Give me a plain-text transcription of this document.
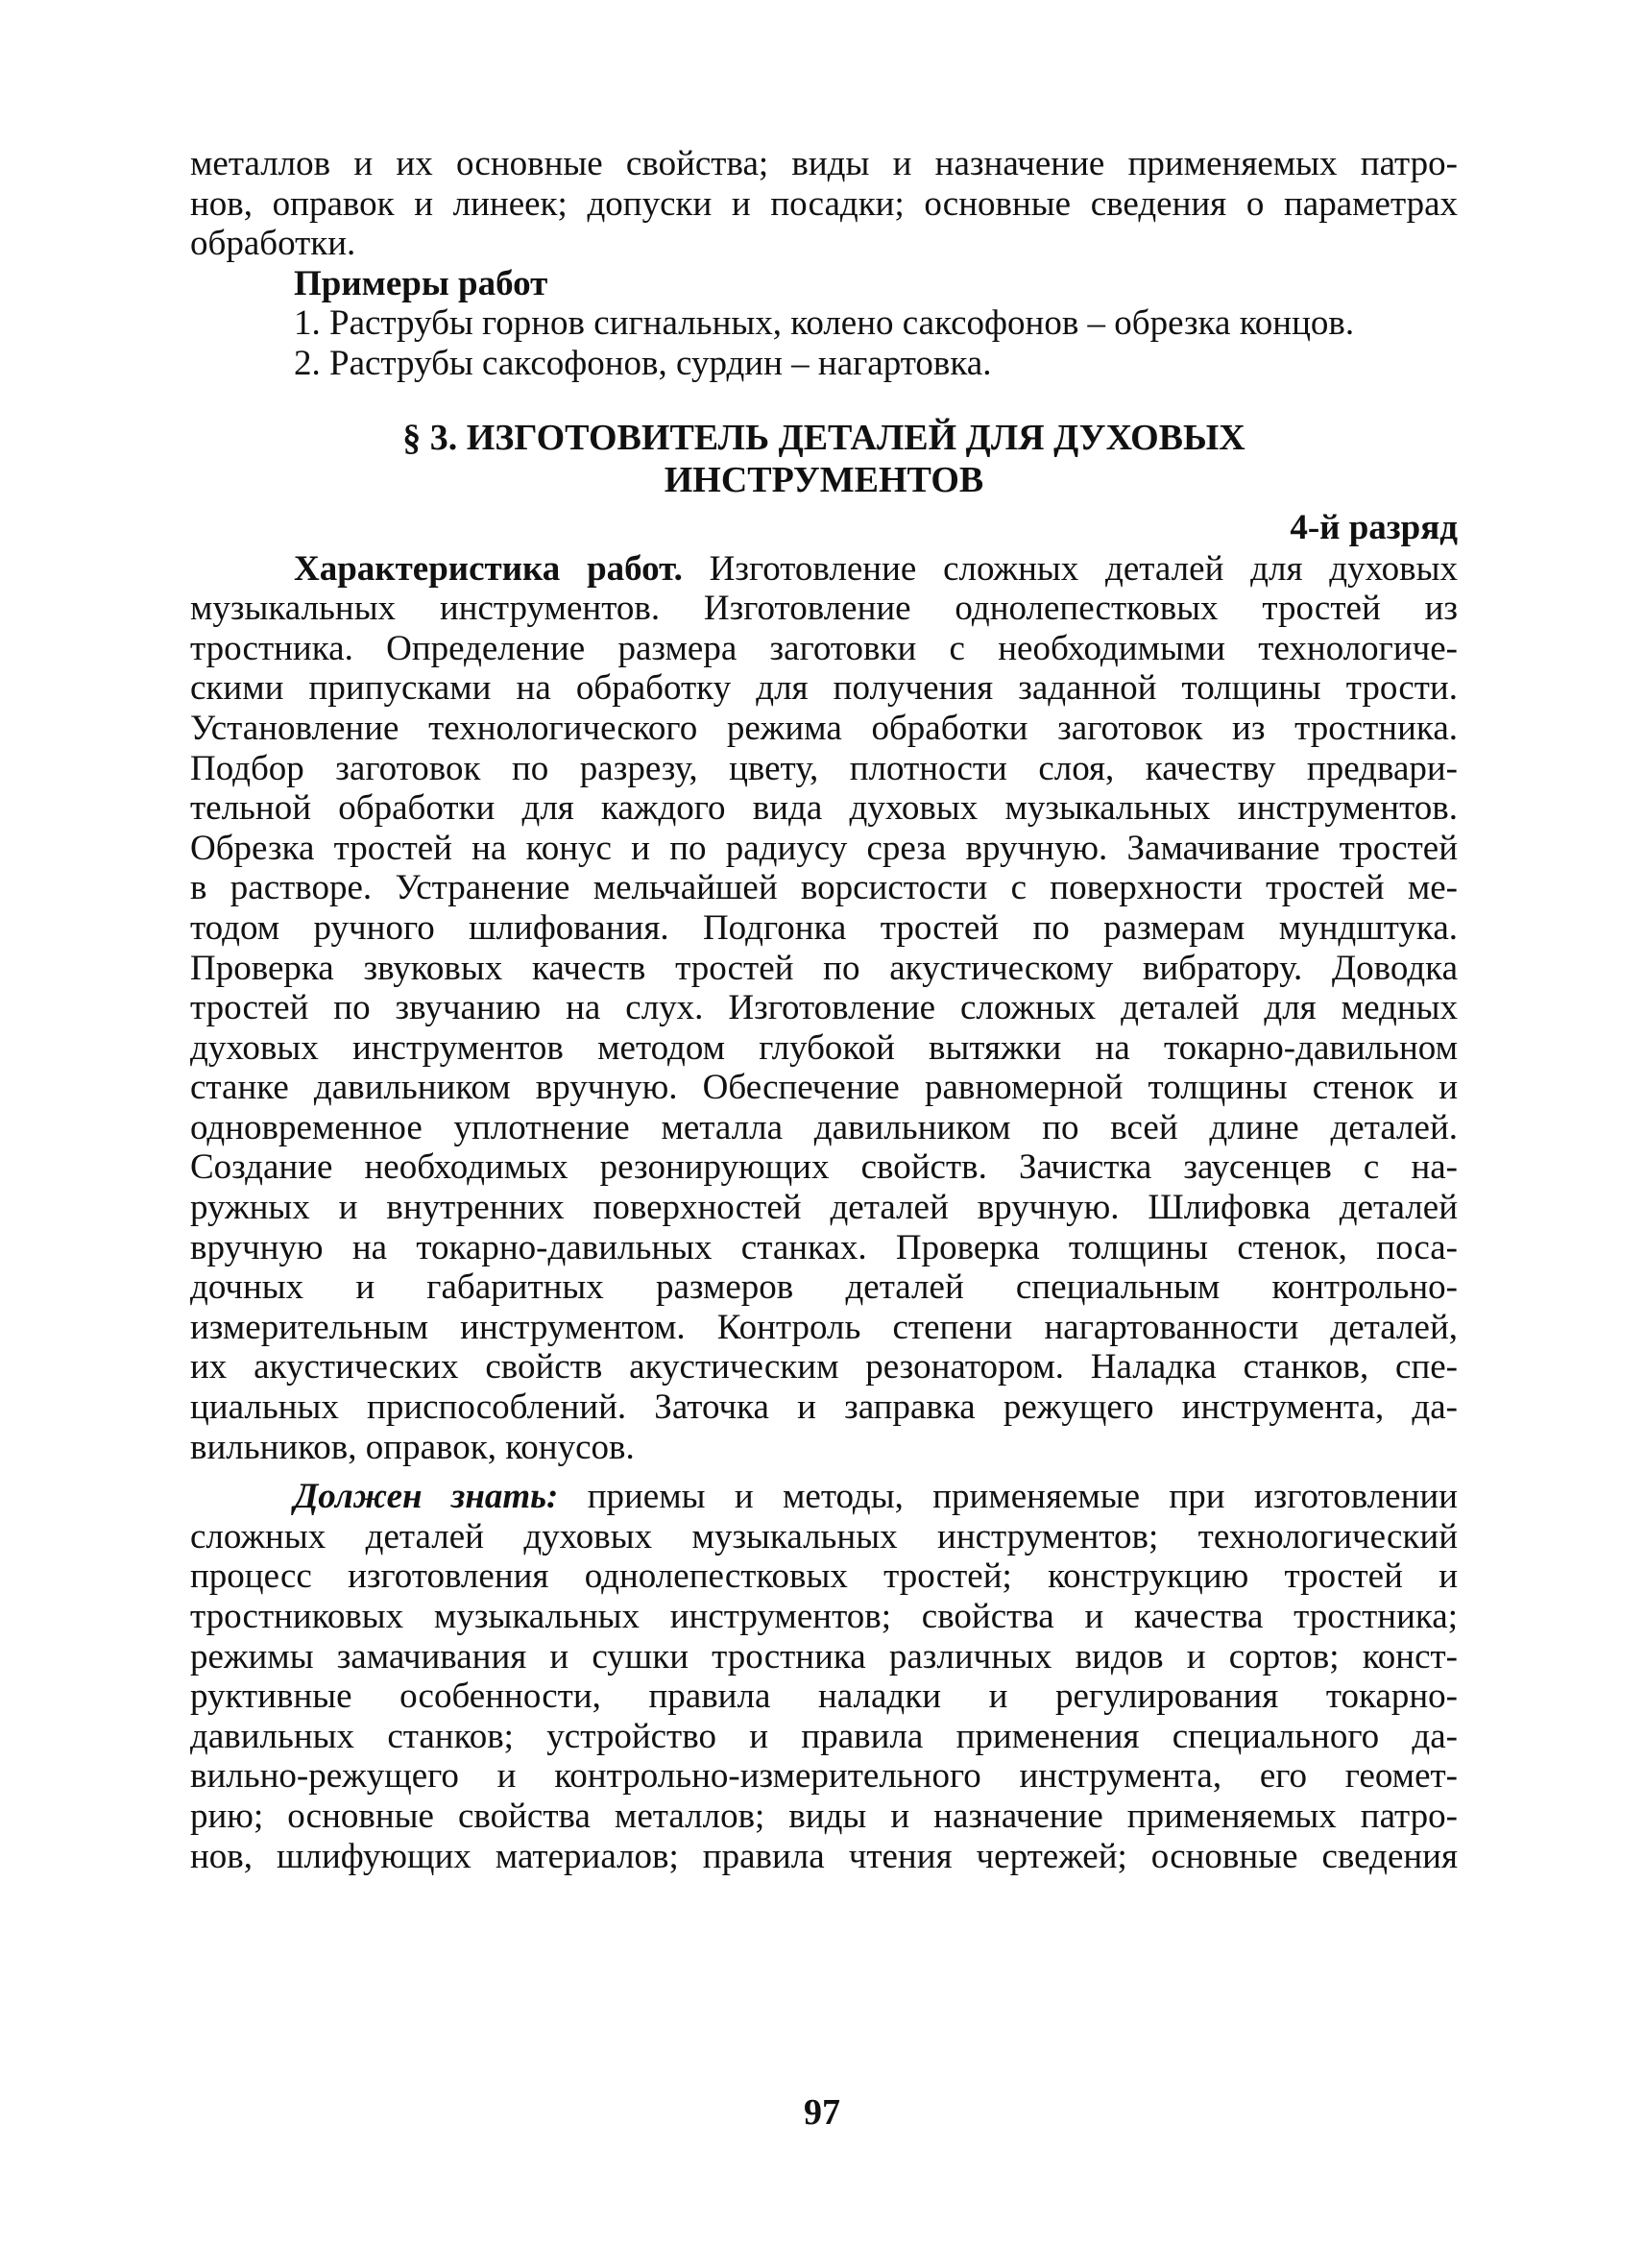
металлов и их основные свойства; виды и назначение применяемых патро-
нов, оправок и линеек; допуски и посадки; основные сведения о параметрах
обработки.
Примеры работ
1. Раструбы горнов сигнальных, колено саксофонов – обрезка концов.
2. Раструбы саксофонов, сурдин – нагартовка.
§ 3. ИЗГОТОВИТЕЛЬ ДЕТАЛЕЙ ДЛЯ ДУХОВЫХ
ИНСТРУМЕНТОВ
4-й разряд
Характеристика работ. Изготовление сложных деталей для духовых
музыкальных инструментов. Изготовление однолепестковых тростей из
тростника. Определение размера заготовки с необходимыми технологиче-
скими припусками на обработку для получения заданной толщины трости.
Установление технологического режима обработки заготовок из тростника.
Подбор заготовок по разрезу, цвету, плотности слоя, качеству предвари-
тельной обработки для каждого вида духовых музыкальных инструментов.
Обрезка тростей на конус и по радиусу среза вручную. Замачивание тростей
в растворе. Устранение мельчайшей ворсистости с поверхности тростей ме-
тодом ручного шлифования. Подгонка тростей по размерам мундштука.
Проверка звуковых качеств тростей по акустическому вибратору. Доводка
тростей по звучанию на слух. Изготовление сложных деталей для медных
духовых инструментов методом глубокой вытяжки на токарно-давильном
станке давильником вручную. Обеспечение равномерной толщины стенок и
одновременное уплотнение металла давильником по всей длине деталей.
Создание необходимых резонирующих свойств. Зачистка заусенцев с на-
ружных и внутренних поверхностей деталей вручную. Шлифовка деталей
вручную на токарно-давильных станках. Проверка толщины стенок, поса-
дочных и габаритных размеров деталей специальным контрольно-
измерительным инструментом. Контроль степени нагартованности деталей,
их акустических свойств акустическим резонатором. Наладка станков, спе-
циальных приспособлений. Заточка и заправка режущего инструмента, да-
вильников, оправок, конусов.
Должен знать: приемы и методы, применяемые при изготовлении
сложных деталей духовых музыкальных инструментов; технологический
процесс изготовления однолепестковых тростей; конструкцию тростей и
тростниковых музыкальных инструментов; свойства и качества тростника;
режимы замачивания и сушки тростника различных видов и сортов; конст-
руктивные особенности, правила наладки и регулирования токарно-
давильных станков; устройство и правила применения специального да-
вильно-режущего и контрольно-измерительного инструмента, его геомет-
рию; основные свойства металлов; виды и назначение применяемых патро-
нов, шлифующих материалов; правила чтения чертежей; основные сведения
97
